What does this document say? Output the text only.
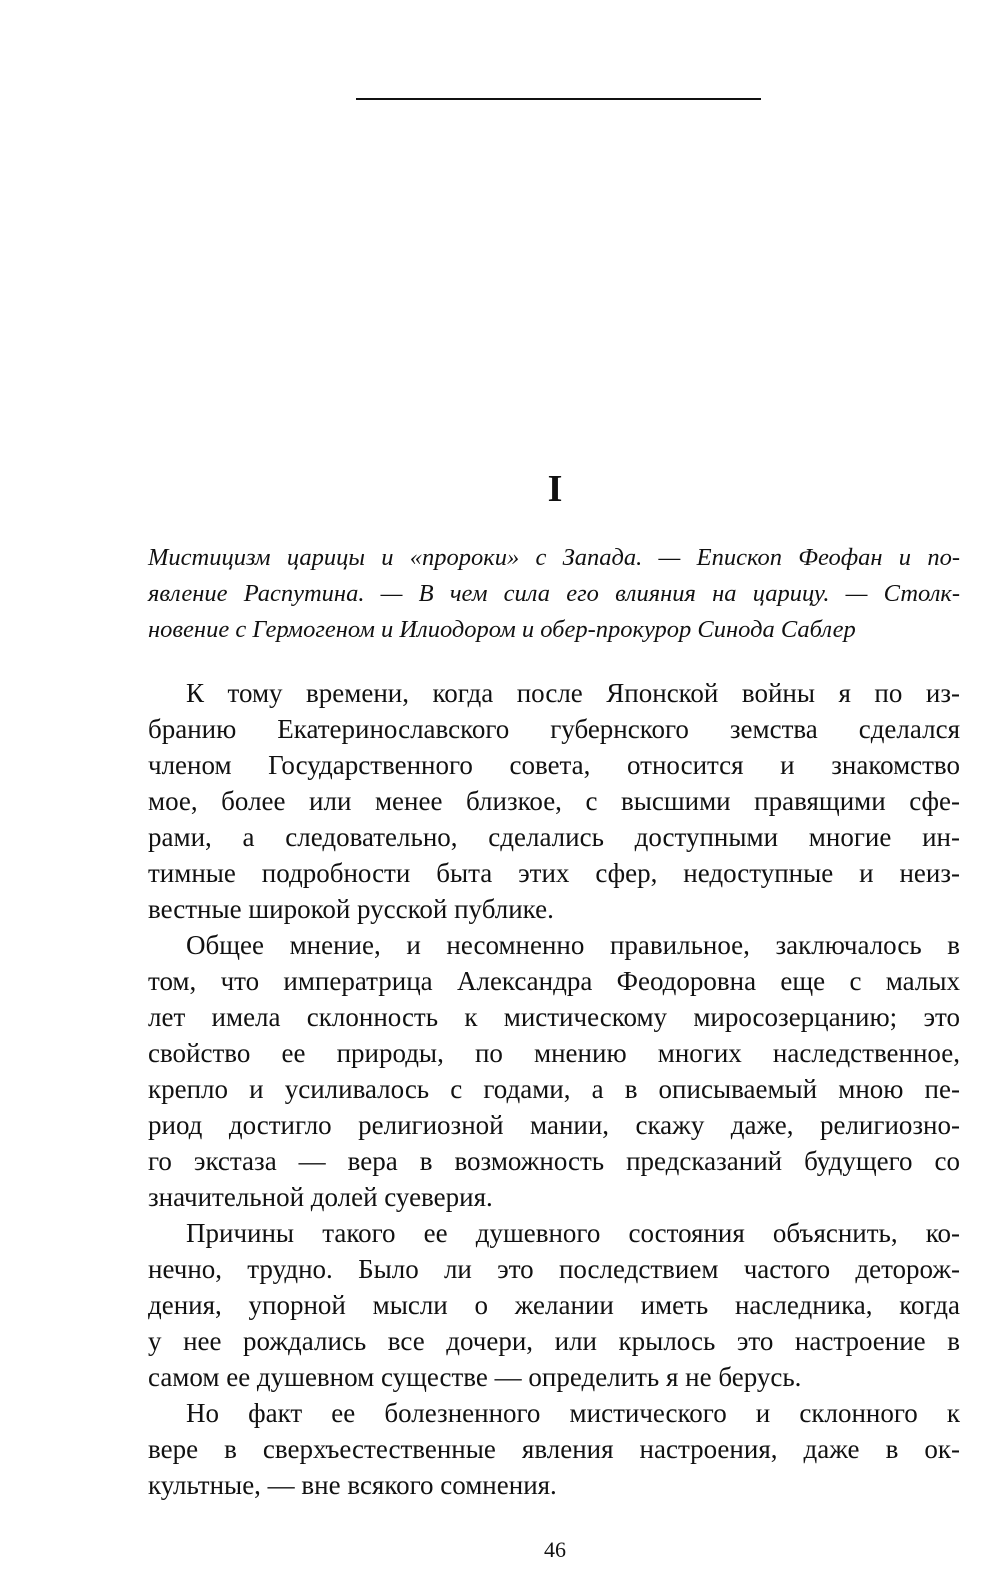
I
Мистицизм царицы и «пророки» с Запада. — Епископ Феофан и по-
явление Распутина. — В чем сила его влияния на царицу. — Столк-
новение с Гермогеном и Илиодором и обер-прокурор Синода Саблер
К тому времени, когда после Японской войны я по из-
бранию Екатеринославского губернского земства сделался
членом Государственного совета, относится и знакомство
мое, более или менее близкое, с высшими правящими сфе-
рами, а следовательно, сделались доступными многие ин-
тимные подробности быта этих сфер, недоступные и неиз-
вестные широкой русской публике.
Общее мнение, и несомненно правильное, заключалось в
том, что императрица Александра Феодоровна еще с малых
лет имела склонность к мистическому миросозерцанию; это
свойство ее природы, по мнению многих наследственное,
крепло и усиливалось с годами, а в описываемый мною пе-
риод достигло религиозной мании, скажу даже, религиозно-
го экстаза — вера в возможность предсказаний будущего со
значительной долей суеверия.
Причины такого ее душевного состояния объяснить, ко-
нечно, трудно. Было ли это последствием частого деторож-
дения, упорной мысли о желании иметь наследника, когда
у нее рождались все дочери, или крылось это настроение в
самом ее душевном существе — определить я не берусь.
Но факт ее болезненного мистического и склонного к
вере в сверхъестественные явления настроения, даже в ок-
культные, — вне всякого сомнения.
46
